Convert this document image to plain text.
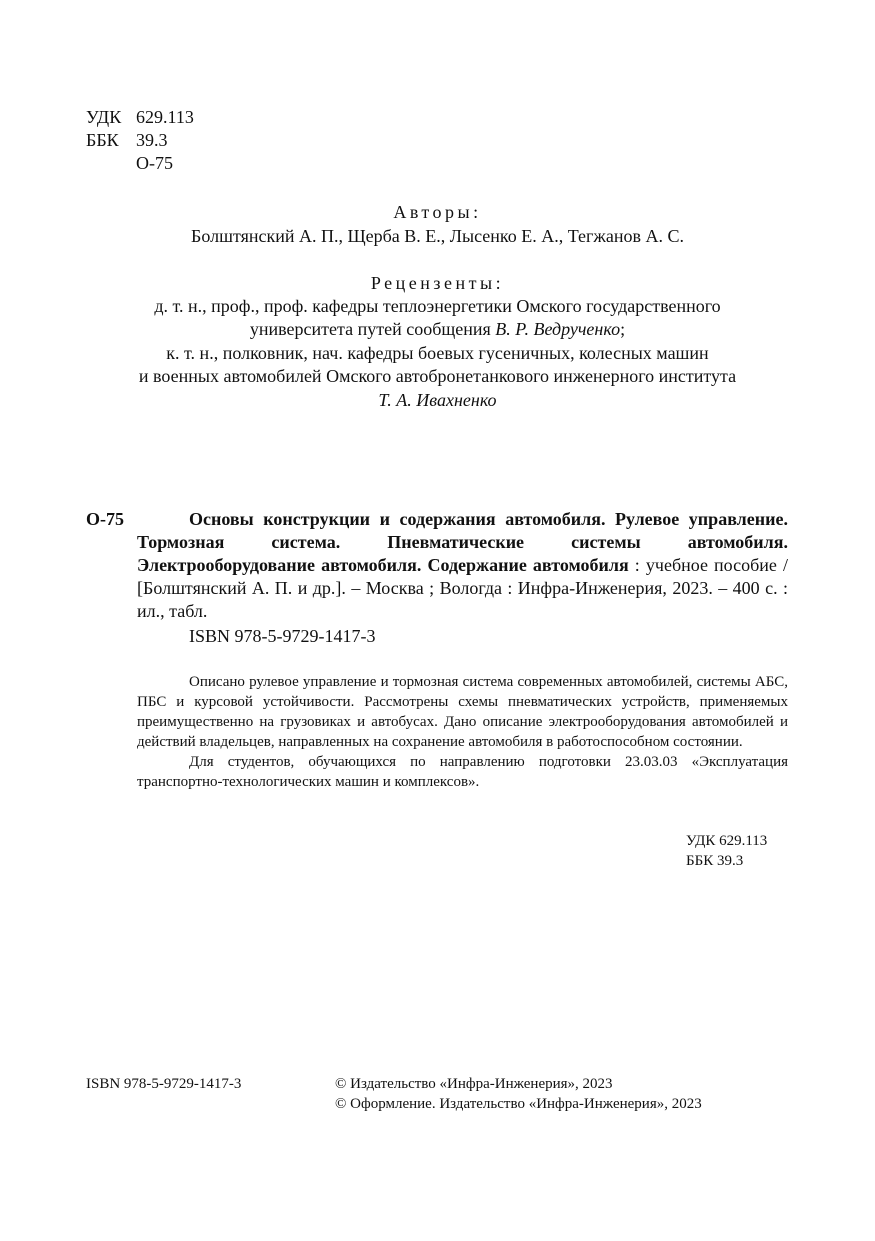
УДК 629.113
ББК 39.3
О-75
Авторы:
Болштянский А. П., Щерба В. Е., Лысенко Е. А., Тегжанов А. С.
Рецензенты:
д. т. н., проф., проф. кафедры теплоэнергетики Омского государственного
университета путей сообщения В. Р. Ведрученко;
к. т. н., полковник, нач. кафедры боевых гусеничных, колесных машин
и военных автомобилей Омского автобронетанкового инженерного института
Т. А. Ивахненко
О-75	Основы конструкции и содержания автомобиля. Рулевое управление. Тормозная система. Пневматические системы автомобиля. Электрооборудование автомобиля. Содержание автомобиля : учебное пособие / [Болштянский А. П. и др.]. – Москва ; Вологда : Инфра-Инженерия, 2023. – 400 с. : ил., табл.
ISBN 978-5-9729-1417-3
Описано рулевое управление и тормозная система современных автомобилей, системы АБС, ПБС и курсовой устойчивости. Рассмотрены схемы пневматических устройств, применяемых преимущественно на грузовиках и автобусах. Дано описание электрооборудования автомобилей и действий владельцев, направленных на сохранение автомобиля в работоспособном состоянии.
Для студентов, обучающихся по направлению подготовки 23.03.03 «Эксплуатация транспортно-технологических машин и комплексов».
УДК 629.113
ББК 39.3
ISBN 978-5-9729-1417-3	© Издательство «Инфра-Инженерия», 2023
© Оформление. Издательство «Инфра-Инженерия», 2023
